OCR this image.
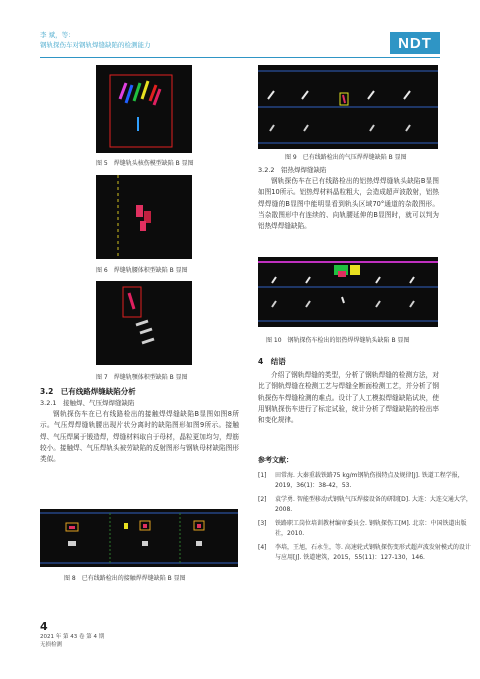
李 斌，等：
钢轨探伤车对钢轨焊缝缺陷的检测能力	NDT
图 5　焊缝轨头核伤模型缺陷 B 显图
图 6　焊缝轨腰体积型缺陷 B 显图
图 7　焊缝轨颚体积型缺陷 B 显图
3.2　已有线路焊缝缺陷分析
3.2.1　接触焊、气压焊焊缝缺陷
钢轨探伤车在已有线路检出的接触焊焊缝缺陷B显图如图8所示。气压焊焊缝轨腰出现片状分离时的缺陷图形如图9所示。接触焊、气压焊属于锻造焊，焊缝材料取自于母材，晶粒更加均匀，焊筋较小。接触焊、气压焊轨头被劳缺陷的反射图形与钢轨母材缺陷图形类似。
图 8　已有线路检出的接触焊焊缝缺陷 B 显图
图 9　已有线路检出的气压焊焊缝缺陷 B 显图
3.2.2　铝热焊焊缝缺陷
钢轨探伤车在已有线路检出的铝热焊焊缝轨头缺陷B显图如图10所示。铝热焊材料晶粒粗大，会造成超声波散射，铝热焊焊缝的B显图中能明显看到轨头区域70°通道的杂散图形。当杂散图形中有连续的、向轨腰延伸的B显图时，就可以判为铝热焊焊缝缺陷。
图 10　钢轨探伤车检出的铝热焊焊缝轨头缺陷 B 显图
4　结语
介绍了钢轨焊缝的类型，分析了钢轨焊缝的检测方法，对比了钢轨焊缝在检测工艺与焊缝全断面检测工艺，并分析了钢轨探伤车焊缝检测的难点。设计了人工模拟焊缝缺陷试块，使用钢轨探伤车进行了标定试验，统计分析了焊缝缺陷的检出率和变化规律。
参考文献：
[1] 田常海. 大秦重载铁路75 kg/m钢轨伤损特点及规律[J]. 铁道工程学报，2019，36(1)：38-42，53.
[2] 袁学勇. 智能型移动式钢轨气压焊接设备的研制[D]. 大连：大连交通大学，2008.
[3] 铁路职工岗位培训教材编审委员会. 钢轨探伤工[M]. 北京：中国铁道出版社，2010.
[4] 李培，王旭，石永生，等. 高速轮式钢轨探伤变形式超声波发射模式的设计与应用[J]. 铁道建筑，2015，55(11)：127-130，146.
4
2021 年 第 43 卷 第 4 期
无损检测
